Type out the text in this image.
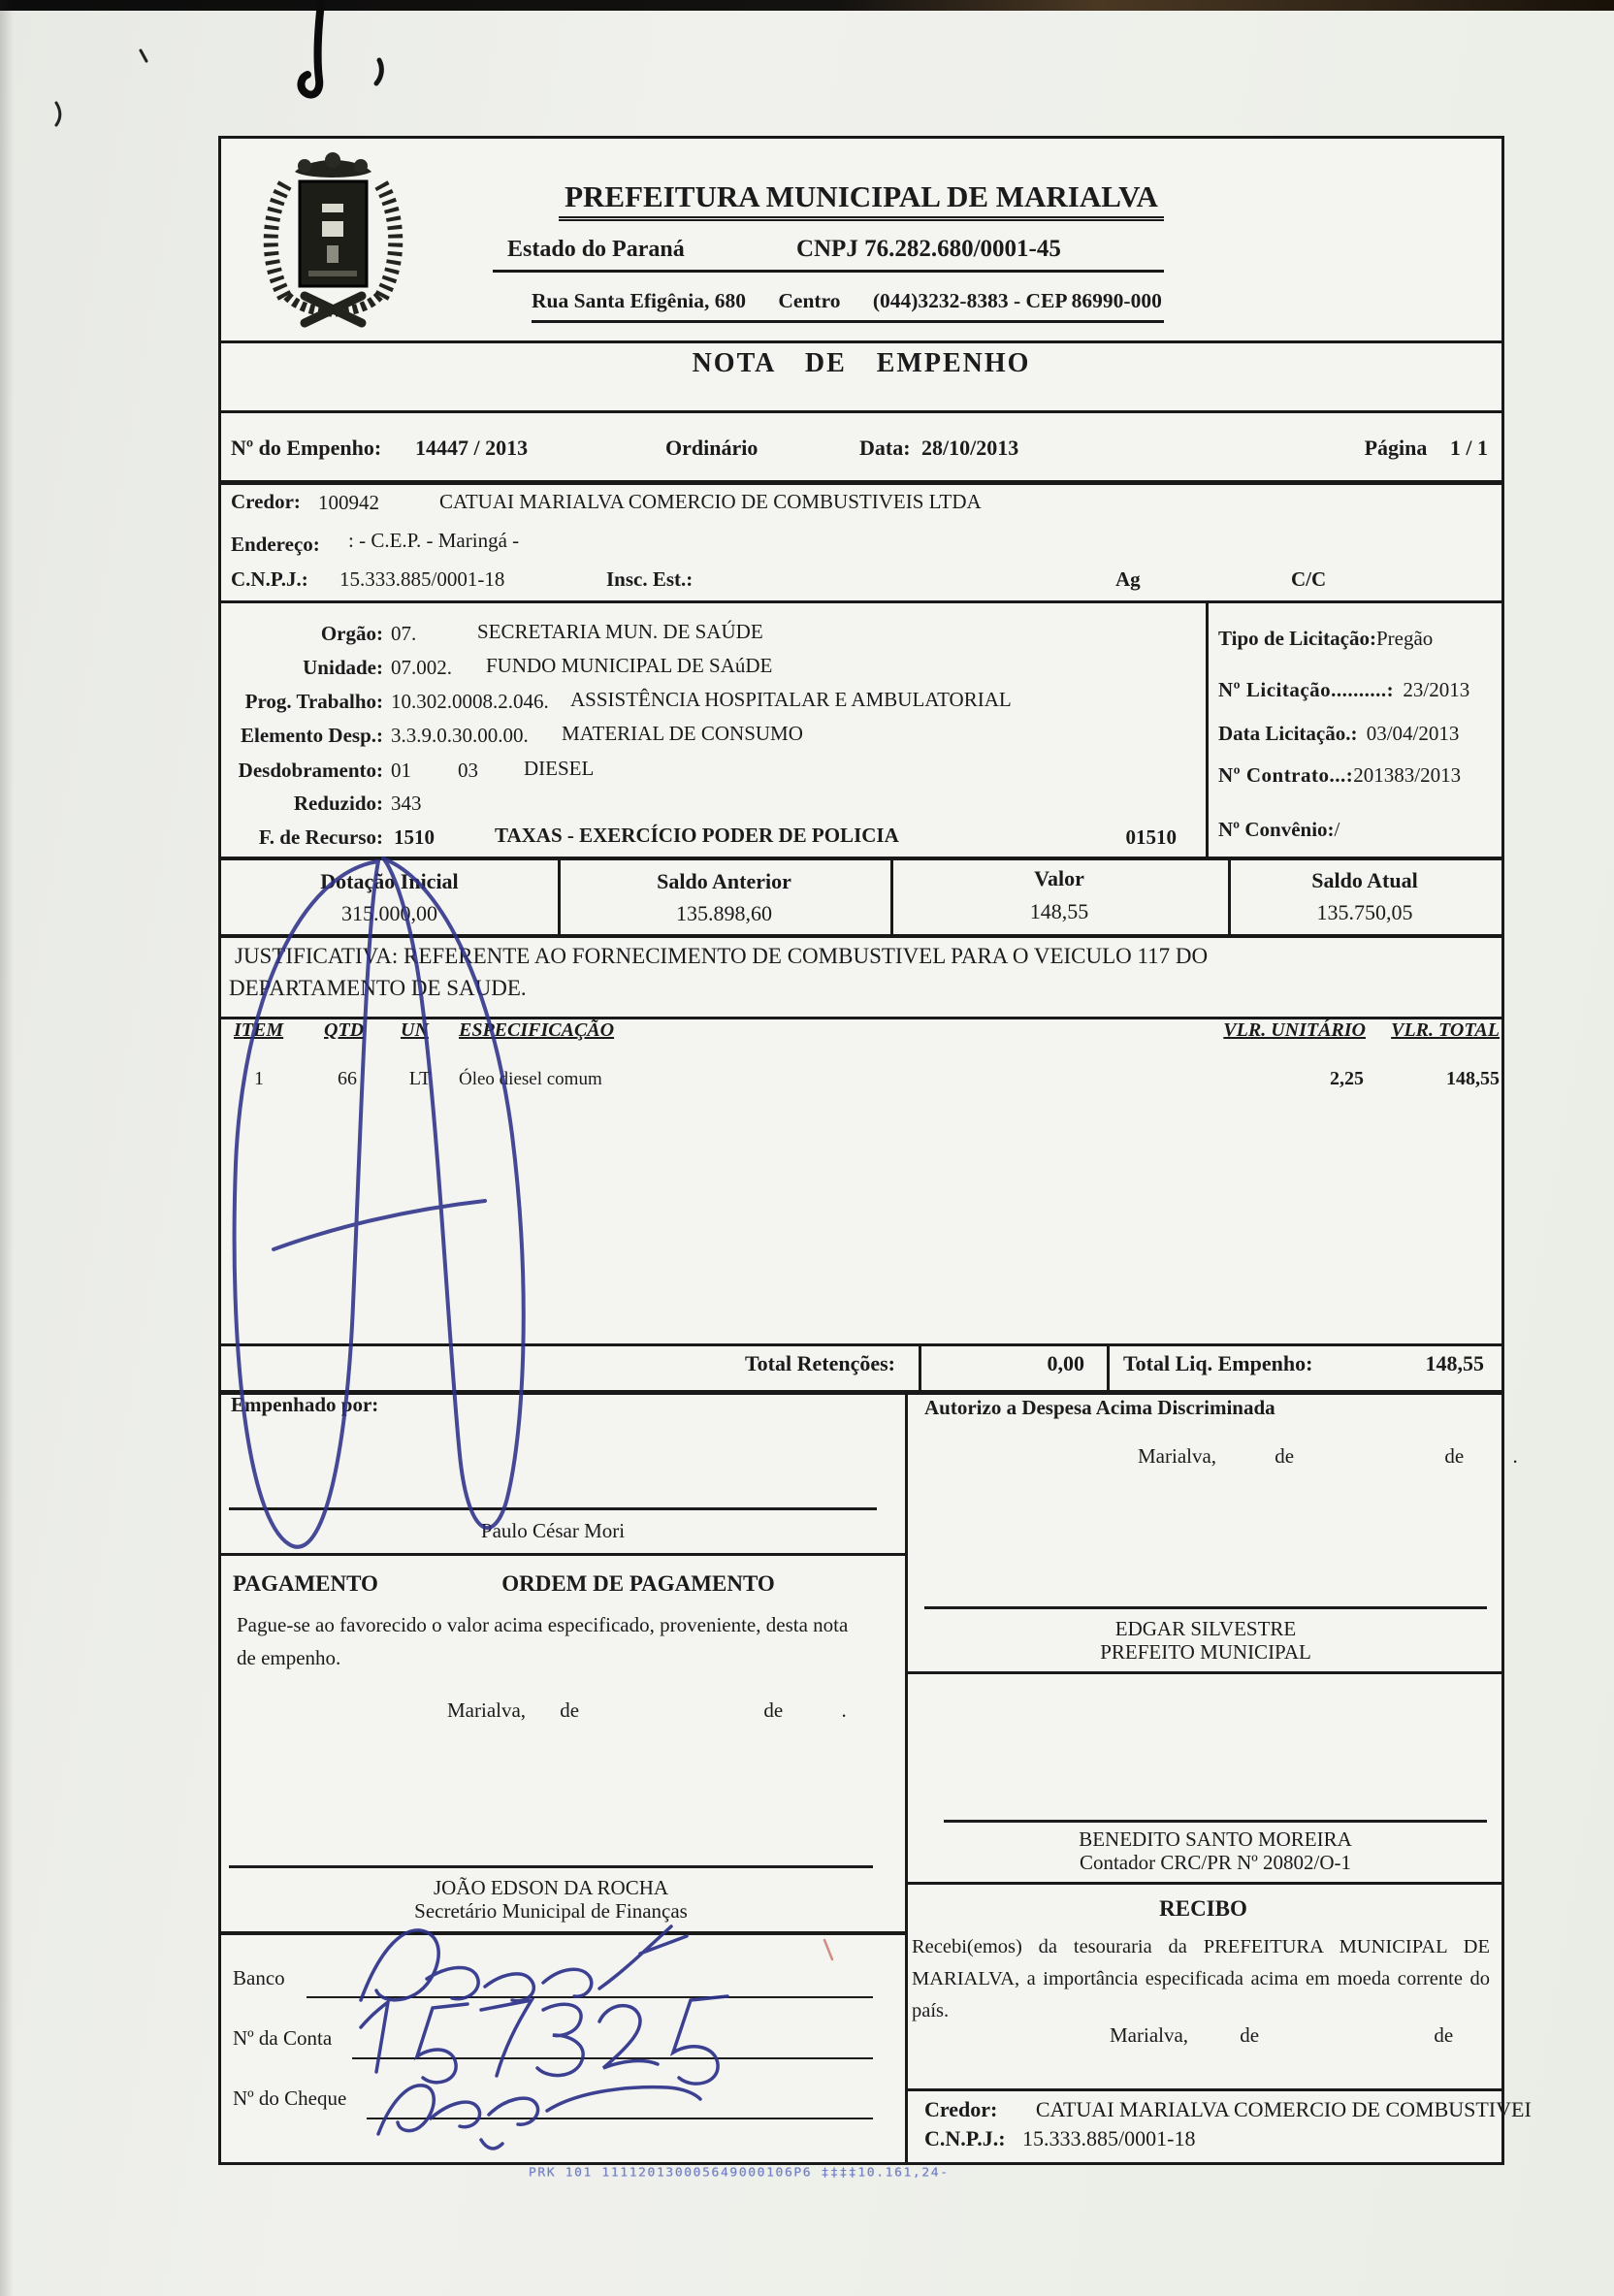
PREFEITURA MUNICIPAL DE MARIALVA
Estado do Paraná	CNPJ 76.282.680/0001-45
Rua Santa Efigênia, 680 Centro (044)3232-8383 - CEP 86990-000
NOTA DE EMPENHO
Nº do Empenho: 14447 / 2013	Ordinário	Data: 28/10/2013	Página 1 / 1
Credor: 100942	CATUAI MARIALVA COMERCIO DE COMBUSTIVEIS LTDA
Endereço: : - C.E.P. - Maringá -
C.N.P.J.: 15.333.885/0001-18	Insc. Est.:	Ag	C/C
Orgão: 07.	SECRETARIA MUN. DE SAÚDE
Unidade: 07.002. FUNDO MUNICIPAL DE SAúDE
Prog. Trabalho: 10.302.0008.2.046. ASSISTÊNCIA HOSPITALAR E AMBULATORIAL
Elemento Desp.: 3.3.9.0.30.00.00. MATERIAL DE CONSUMO
Desdobramento: 01 03 DIESEL
Reduzido: 343
F. de Recurso: 1510	TAXAS - EXERCÍCIO PODER DE POLICIA	01510
Tipo de Licitação:Pregão
Nº Licitação..........: 23/2013
Data Licitação.: 03/04/2013
Nº Contrato...:201383/2013
Nº Convênio:/
Dotação Inicial	Saldo Anterior	Valor	Saldo Atual
315.000,00	135.898,60	148,55	135.750,05
JUSTIFICATIVA: REFERENTE AO FORNECIMENTO DE COMBUSTIVEL PARA O VEICULO 117 DO
DEPARTAMENTO DE SAUDE.
ITEM QTD UN ESPECIFICAÇÃO	VLR. UNITÁRIO	VLR. TOTAL
1	66	LT	Óleo diesel comum	2,25	148,55
Total Retenções:	0,00 Total Liq. Empenho:	148,55
Empenhado por:
Paulo César Mori
PAGAMENTO	ORDEM DE PAGAMENTO
Pague-se ao favorecido o valor acima especificado, proveniente, desta nota de empenho.
Marialva, de	de	.
JOÃO EDSON DA ROCHA
Secretário Municipal de Finanças
Banco
Nº da Conta
Nº do Cheque
Autorizo a Despesa Acima Discriminada
Marialva,	de	de .
EDGAR SILVESTRE
PREFEITO MUNICIPAL
BENEDITO SANTO MOREIRA
Contador CRC/PR Nº 20802/O-1
RECIBO
Recebi(emos) da tesouraria da PREFEITURA MUNICIPAL DE MARIALVA, a importância especificada acima em moeda corrente do país.
Marialva,	de	de
Credor: CATUAI MARIALVA COMERCIO DE COMBUSTIVEI
C.N.P.J.: 15.333.885/0001-18
PRK 101 111120130005649000106P6 ‡‡‡‡10.161,24-
